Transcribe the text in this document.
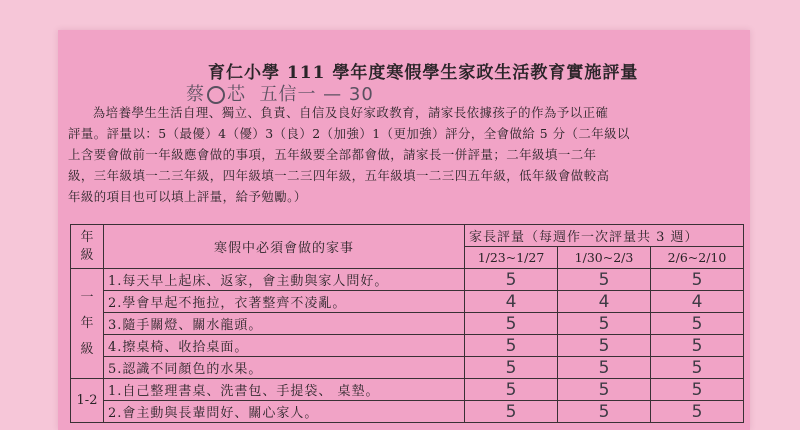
育仁小學 111 學年度寒假學生家政生活教育實施評量
蔡 芯 五信一 — 30

為培養學生生活自理、獨立、負責、自信及良好家政教育，請家長依據孩子的作為予以正確

評量。評量以：5（最優）4（優）3（良）2（加強）1（更加強）評分，全會做給 5 分（二年級以
上含要會做前一年級應會做的事項，五年級要全部都會做，請家長一併評量；二年級填一二年
級，三年級填一二三年級，四年級填一二三四年級，五年級填一二三四五年級，低年級會做較高
年級的項目也可以填上評量，給予勉勵。）
年級	寒假中必須會做的家事	家長評量（每週作一次評量共 3 週）		
		1/23~1/27	1/30~2/3	2/6~2/10
一
年
級	1.每天早上起床、返家，會主動與家人問好。	5	5	5
	2.學會早起不拖拉，衣著整齊不凌亂。	4	4	4
	3.隨手關燈、關水龍頭。	5	5	5
	4.擦桌椅、收拾桌面。	5	5	5
	5.認識不同顏色的水果。	5	5	5
1-2	1.自己整理書桌、洗書包、手提袋、 桌墊。	5	5	5
	2.會主動與長輩問好、關心家人。	5	5	5
